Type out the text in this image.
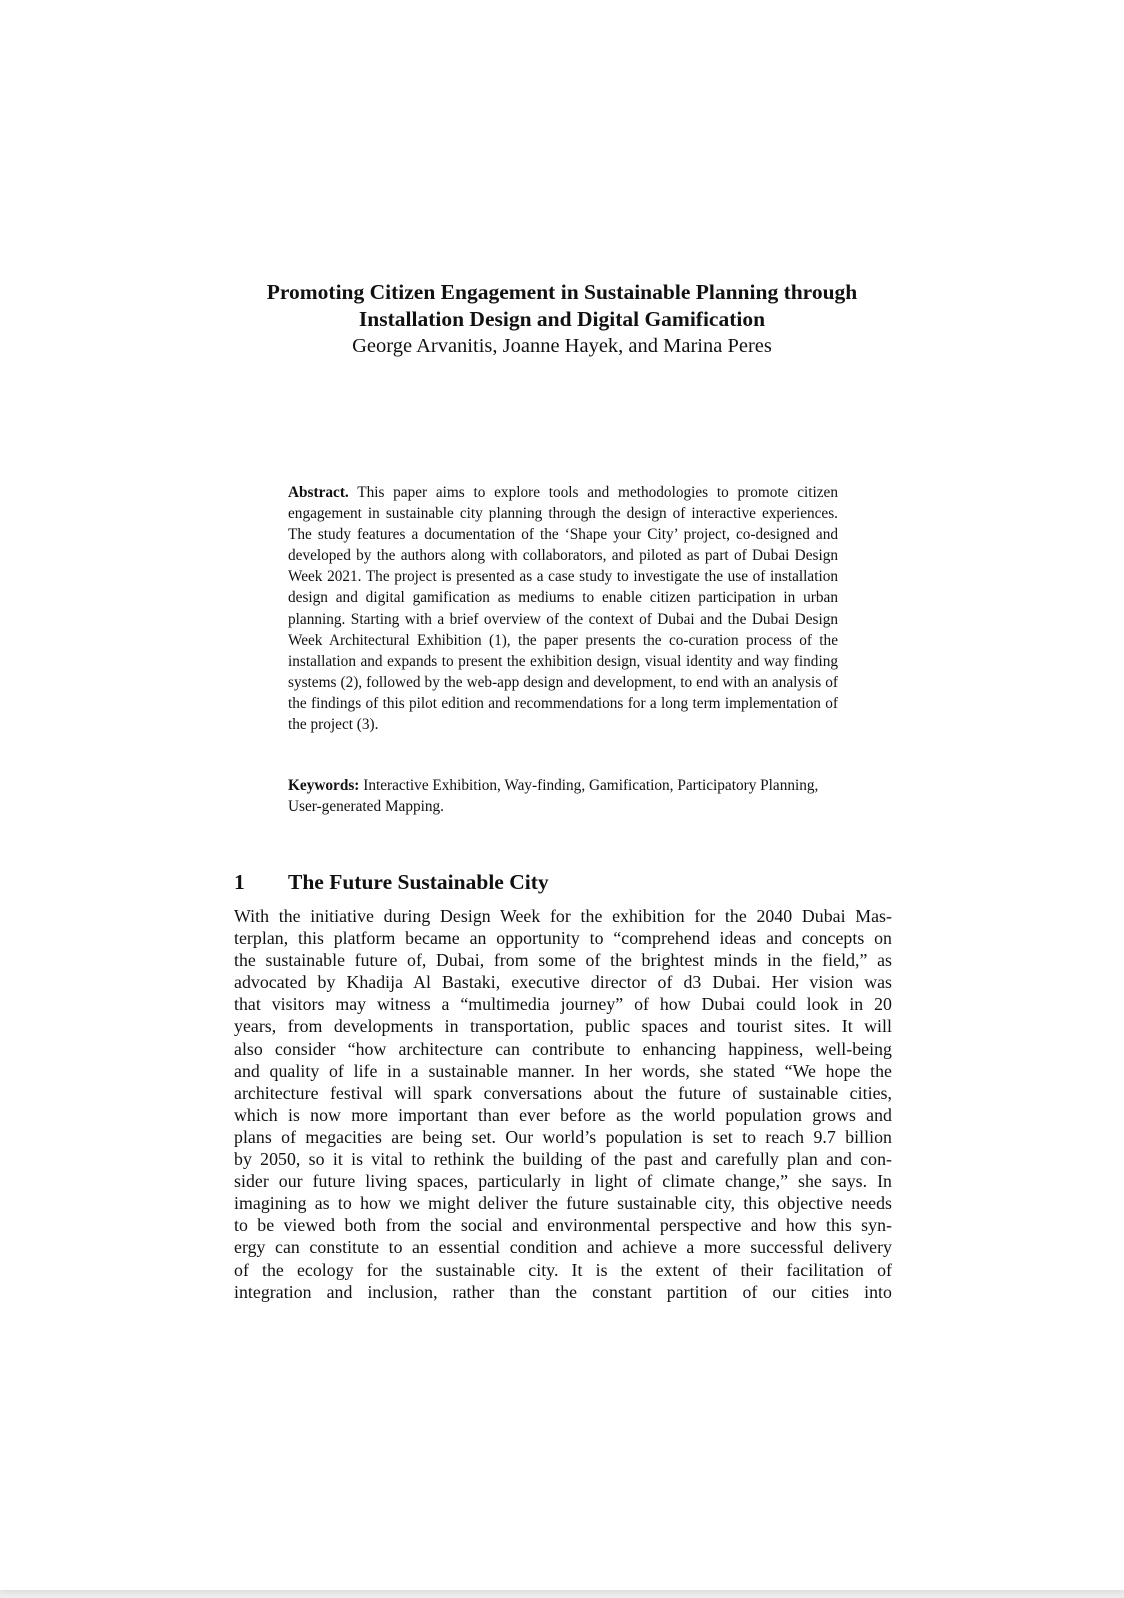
Promoting Citizen Engagement in Sustainable Planning through
Installation Design and Digital Gamification
George Arvanitis, Joanne Hayek, and Marina Peres
Abstract. This paper aims to explore tools and methodologies to promote citizen engagement in sustainable city planning through the design of interactive experiences. The study features a documentation of the ‘Shape your City’ project, co-designed and developed by the authors along with collaborators, and piloted as part of Dubai Design Week 2021. The project is presented as a case study to investigate the use of installation design and digital gamification as mediums to enable citizen participation in urban planning. Starting with a brief overview of the context of Dubai and the Dubai Design Week Architectural Exhibition (1), the paper presents the co-curation process of the installation and expands to present the exhibition design, visual identity and way finding systems (2), followed by the web-app design and development, to end with an analysis of the findings of this pilot edition and recommendations for a long term implementation of the project (3).
Keywords: Interactive Exhibition, Way-finding, Gamification, Participatory Planning, User-generated Mapping.
1 The Future Sustainable City
With the initiative during Design Week for the exhibition for the 2040 Dubai Mas-
terplan, this platform became an opportunity to “comprehend ideas and concepts on
the sustainable future of, Dubai, from some of the brightest minds in the field,” as
advocated by Khadija Al Bastaki, executive director of d3 Dubai. Her vision was
that visitors may witness a “multimedia journey” of how Dubai could look in 20
years, from developments in transportation, public spaces and tourist sites. It will
also consider “how architecture can contribute to enhancing happiness, well-being
and quality of life in a sustainable manner. In her words, she stated “We hope the
architecture festival will spark conversations about the future of sustainable cities,
which is now more important than ever before as the world population grows and
plans of megacities are being set. Our world’s population is set to reach 9.7 billion
by 2050, so it is vital to rethink the building of the past and carefully plan and con-
sider our future living spaces, particularly in light of climate change,” she says. In
imagining as to how we might deliver the future sustainable city, this objective needs
to be viewed both from the social and environmental perspective and how this syn-
ergy can constitute to an essential condition and achieve a more successful delivery
of the ecology for the sustainable city. It is the extent of their facilitation of
integration and inclusion, rather than the constant partition of our cities into
